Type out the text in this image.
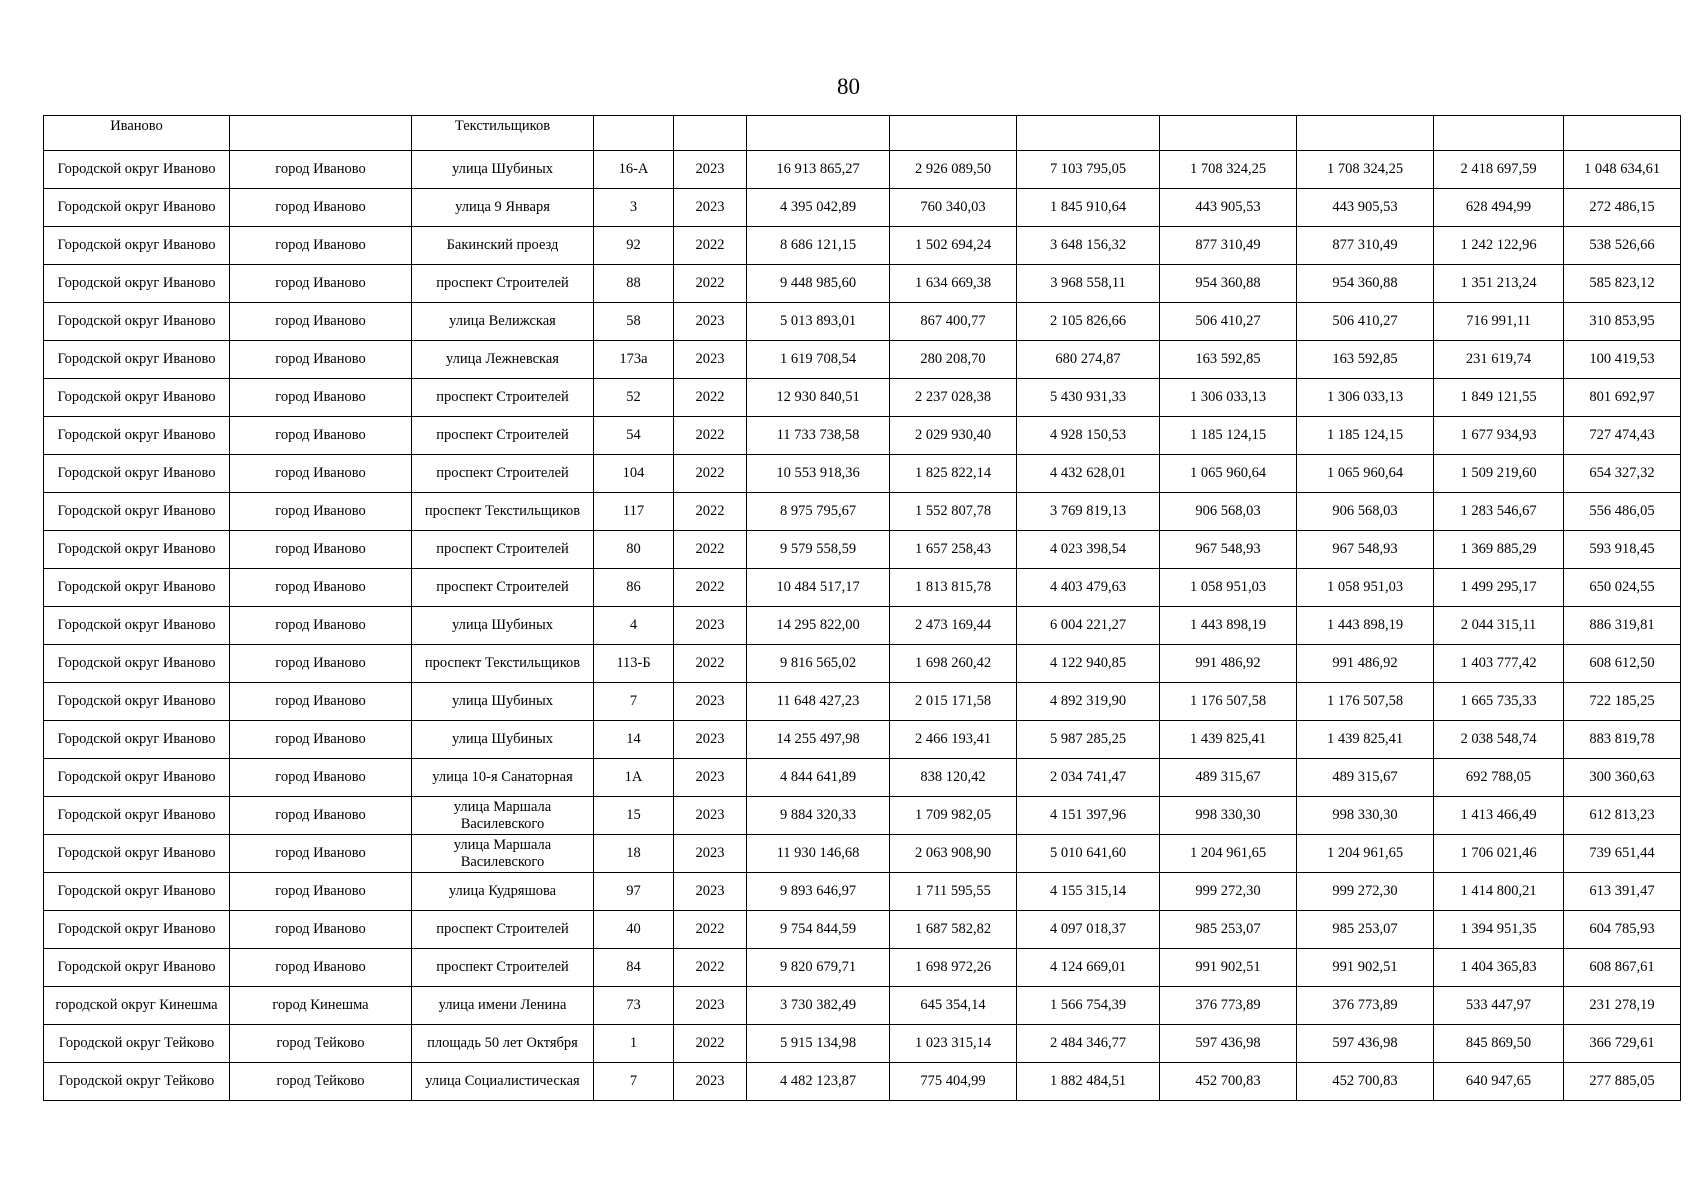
80
Иваново		Текстильщиков									
Городской округ Иваново	город Иваново	улица Шубиных	16-А	2023	16 913 865,27	2 926 089,50	7 103 795,05	1 708 324,25	1 708 324,25	2 418 697,59	1 048 634,61
Городской округ Иваново	город Иваново	улица 9 Января	3	2023	4 395 042,89	760 340,03	1 845 910,64	443 905,53	443 905,53	628 494,99	272 486,15
Городской округ Иваново	город Иваново	Бакинский проезд	92	2022	8 686 121,15	1 502 694,24	3 648 156,32	877 310,49	877 310,49	1 242 122,96	538 526,66
Городской округ Иваново	город Иваново	проспект Строителей	88	2022	9 448 985,60	1 634 669,38	3 968 558,11	954 360,88	954 360,88	1 351 213,24	585 823,12
Городской округ Иваново	город Иваново	улица Велижская	58	2023	5 013 893,01	867 400,77	2 105 826,66	506 410,27	506 410,27	716 991,11	310 853,95
Городской округ Иваново	город Иваново	улица Лежневская	173а	2023	1 619 708,54	280 208,70	680 274,87	163 592,85	163 592,85	231 619,74	100 419,53
Городской округ Иваново	город Иваново	проспект Строителей	52	2022	12 930 840,51	2 237 028,38	5 430 931,33	1 306 033,13	1 306 033,13	1 849 121,55	801 692,97
Городской округ Иваново	город Иваново	проспект Строителей	54	2022	11 733 738,58	2 029 930,40	4 928 150,53	1 185 124,15	1 185 124,15	1 677 934,93	727 474,43
Городской округ Иваново	город Иваново	проспект Строителей	104	2022	10 553 918,36	1 825 822,14	4 432 628,01	1 065 960,64	1 065 960,64	1 509 219,60	654 327,32
Городской округ Иваново	город Иваново	проспект Текстильщиков	117	2022	8 975 795,67	1 552 807,78	3 769 819,13	906 568,03	906 568,03	1 283 546,67	556 486,05
Городской округ Иваново	город Иваново	проспект Строителей	80	2022	9 579 558,59	1 657 258,43	4 023 398,54	967 548,93	967 548,93	1 369 885,29	593 918,45
Городской округ Иваново	город Иваново	проспект Строителей	86	2022	10 484 517,17	1 813 815,78	4 403 479,63	1 058 951,03	1 058 951,03	1 499 295,17	650 024,55
Городской округ Иваново	город Иваново	улица Шубиных	4	2023	14 295 822,00	2 473 169,44	6 004 221,27	1 443 898,19	1 443 898,19	2 044 315,11	886 319,81
Городской округ Иваново	город Иваново	проспект Текстильщиков	113-Б	2022	9 816 565,02	1 698 260,42	4 122 940,85	991 486,92	991 486,92	1 403 777,42	608 612,50
Городской округ Иваново	город Иваново	улица Шубиных	7	2023	11 648 427,23	2 015 171,58	4 892 319,90	1 176 507,58	1 176 507,58	1 665 735,33	722 185,25
Городской округ Иваново	город Иваново	улица Шубиных	14	2023	14 255 497,98	2 466 193,41	5 987 285,25	1 439 825,41	1 439 825,41	2 038 548,74	883 819,78
Городской округ Иваново	город Иваново	улица 10-я Санаторная	1А	2023	4 844 641,89	838 120,42	2 034 741,47	489 315,67	489 315,67	692 788,05	300 360,63
Городской округ Иваново	город Иваново	улица Маршала Василевского	15	2023	9 884 320,33	1 709 982,05	4 151 397,96	998 330,30	998 330,30	1 413 466,49	612 813,23
Городской округ Иваново	город Иваново	улица Маршала Василевского	18	2023	11 930 146,68	2 063 908,90	5 010 641,60	1 204 961,65	1 204 961,65	1 706 021,46	739 651,44
Городской округ Иваново	город Иваново	улица Кудряшова	97	2023	9 893 646,97	1 711 595,55	4 155 315,14	999 272,30	999 272,30	1 414 800,21	613 391,47
Городской округ Иваново	город Иваново	проспект Строителей	40	2022	9 754 844,59	1 687 582,82	4 097 018,37	985 253,07	985 253,07	1 394 951,35	604 785,93
Городской округ Иваново	город Иваново	проспект Строителей	84	2022	9 820 679,71	1 698 972,26	4 124 669,01	991 902,51	991 902,51	1 404 365,83	608 867,61
городской округ Кинешма	город Кинешма	улица имени Ленина	73	2023	3 730 382,49	645 354,14	1 566 754,39	376 773,89	376 773,89	533 447,97	231 278,19
Городской округ Тейково	город Тейково	площадь 50 лет Октября	1	2022	5 915 134,98	1 023 315,14	2 484 346,77	597 436,98	597 436,98	845 869,50	366 729,61
Городской округ Тейково	город Тейково	улица Социалистическая	7	2023	4 482 123,87	775 404,99	1 882 484,51	452 700,83	452 700,83	640 947,65	277 885,05
